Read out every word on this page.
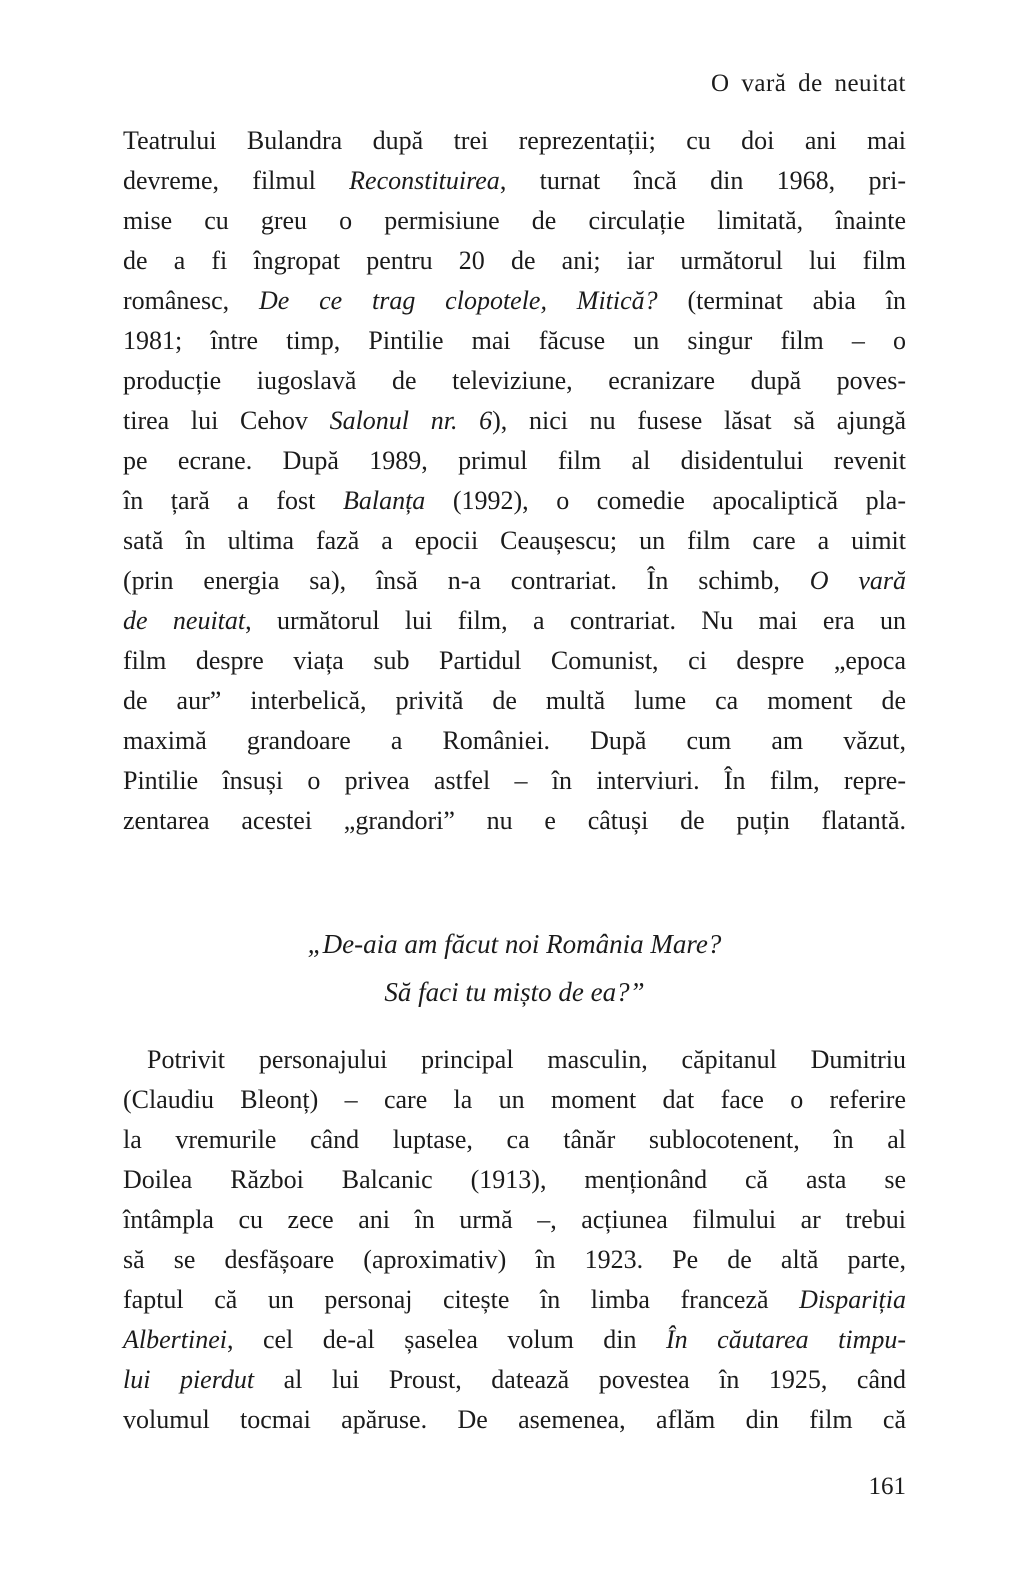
O vară de neuitat
Teatrului Bulandra după trei reprezentații; cu doi ani mai
devreme, filmul Reconstituirea, turnat încă din 1968, pri-
mise cu greu o permisiune de circulație limitată, înainte
de a fi îngropat pentru 20 de ani; iar următorul lui film
românesc, De ce trag clopotele, Mitică? (terminat abia în
1981; între timp, Pintilie mai făcuse un singur film – o
producție iugoslavă de televiziune, ecranizare după poves-
tirea lui Cehov Salonul nr. 6), nici nu fusese lăsat să ajungă
pe ecrane. După 1989, primul film al disidentului revenit
în țară a fost Balanța (1992), o comedie apocaliptică pla-
sată în ultima fază a epocii Ceaușescu; un film care a uimit
(prin energia sa), însă n-a contrariat. În schimb, O vară
de neuitat, următorul lui film, a contrariat. Nu mai era un
film despre viața sub Partidul Comunist, ci despre „epoca
de aur” interbelică, privită de multă lume ca moment de
maximă grandoare a României. După cum am văzut,
Pintilie însuși o privea astfel – în interviuri. În film, repre-
zentarea acestei „grandori” nu e câtuși de puțin flatantă.
„De-aia am făcut noi România Mare?
Să faci tu mișto de ea?”
Potrivit personajului principal masculin, căpitanul Dumitriu
(Claudiu Bleonț) – care la un moment dat face o referire
la vremurile când luptase, ca tânăr sublocotenent, în al
Doilea Război Balcanic (1913), menționând că asta se
întâmpla cu zece ani în urmă –, acțiunea filmului ar trebui
să se desfășoare (aproximativ) în 1923. Pe de altă parte,
faptul că un personaj citește în limba franceză Dispariția
Albertinei, cel de-al șaselea volum din În căutarea timpu-
lui pierdut al lui Proust, datează povestea în 1925, când
volumul tocmai apăruse. De asemenea, aflăm din film că
161
